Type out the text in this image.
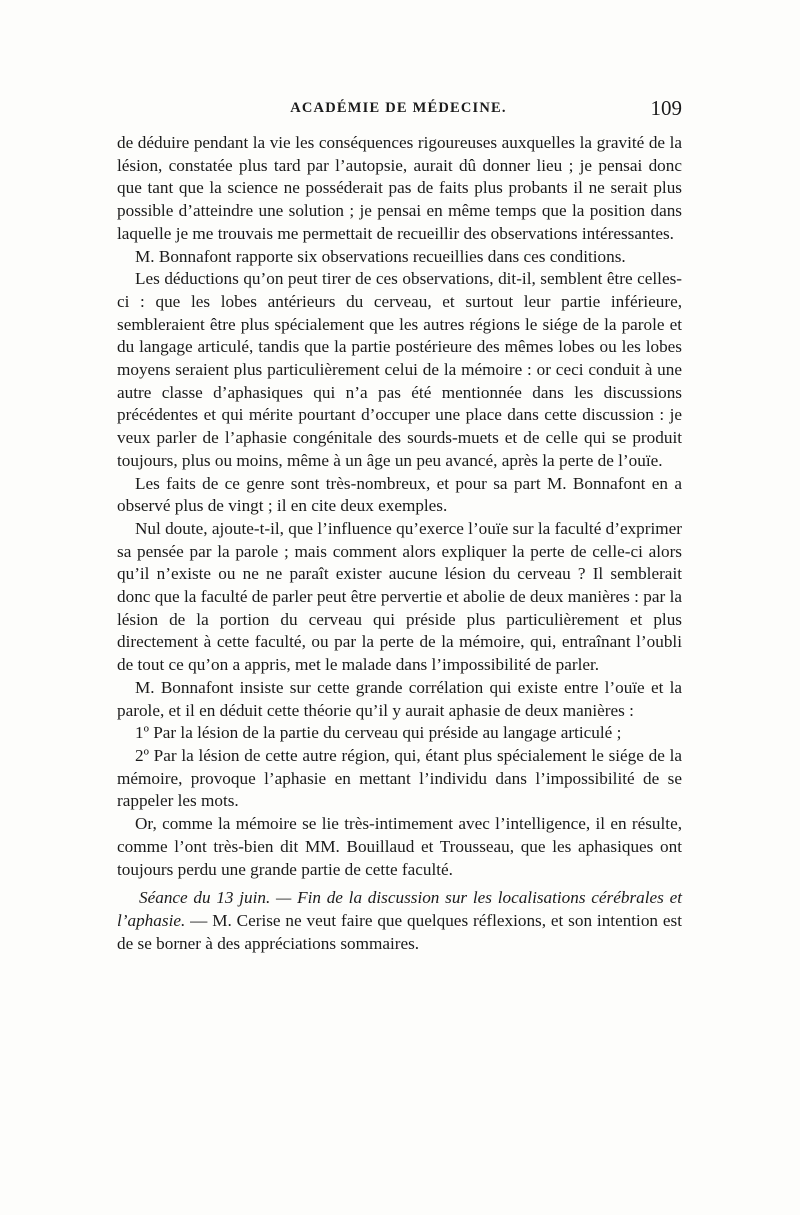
ACADÉMIE DE MÉDECINE.	109

de déduire pendant la vie les conséquences rigoureuses auxquelles la gravité de la lésion, constatée plus tard par l’autopsie, aurait dû donner lieu ; je pensai donc que tant que la science ne posséderait pas de faits plus probants il ne serait plus possible d’atteindre une solution ; je pensai en même temps que la position dans laquelle je me trouvais me permettait de recueillir des observations intéressantes.

M. Bonnafont rapporte six observations recueillies dans ces conditions.

Les déductions qu’on peut tirer de ces observations, dit-il, semblent être celles-ci : que les lobes antérieurs du cerveau, et surtout leur partie inférieure, sembleraient être plus spécialement que les autres régions le siége de la parole et du langage articulé, tandis que la partie postérieure des mêmes lobes ou les lobes moyens seraient plus particulièrement celui de la mémoire : or ceci conduit à une autre classe d’aphasiques qui n’a pas été mentionnée dans les discussions précédentes et qui mérite pourtant d’occuper une place dans cette discussion : je veux parler de l’aphasie congénitale des sourds-muets et de celle qui se produit toujours, plus ou moins, même à un âge un peu avancé, après la perte de l’ouïe.

Les faits de ce genre sont très-nombreux, et pour sa part M. Bonnafont en a observé plus de vingt ; il en cite deux exemples.

Nul doute, ajoute-t-il, que l’influence qu’exerce l’ouïe sur la faculté d’exprimer sa pensée par la parole ; mais comment alors expliquer la perte de celle-ci alors qu’il n’existe ou ne ne paraît exister aucune lésion du cerveau ? Il semblerait donc que la faculté de parler peut être pervertie et abolie de deux manières : par la lésion de la portion du cerveau qui préside plus particulièrement et plus directement à cette faculté, ou par la perte de la mémoire, qui, entraînant l’oubli de tout ce qu’on a appris, met le malade dans l’impossibilité de parler.

M. Bonnafont insiste sur cette grande corrélation qui existe entre l’ouïe et la parole, et il en déduit cette théorie qu’il y aurait aphasie de deux manières :

1º Par la lésion de la partie du cerveau qui préside au langage articulé ;

2º Par la lésion de cette autre région, qui, étant plus spécialement le siége de la mémoire, provoque l’aphasie en mettant l’individu dans l’impossibilité de se rappeler les mots.

Or, comme la mémoire se lie très-intimement avec l’intelligence, il en résulte, comme l’ont très-bien dit MM. Bouillaud et Trousseau, que les aphasiques ont toujours perdu une grande partie de cette faculté.

Séance du 13 juin. — Fin de la discussion sur les localisations cérébrales et l’aphasie. — M. Cerise ne veut faire que quelques réflexions, et son intention est de se borner à des appréciations sommaires.
